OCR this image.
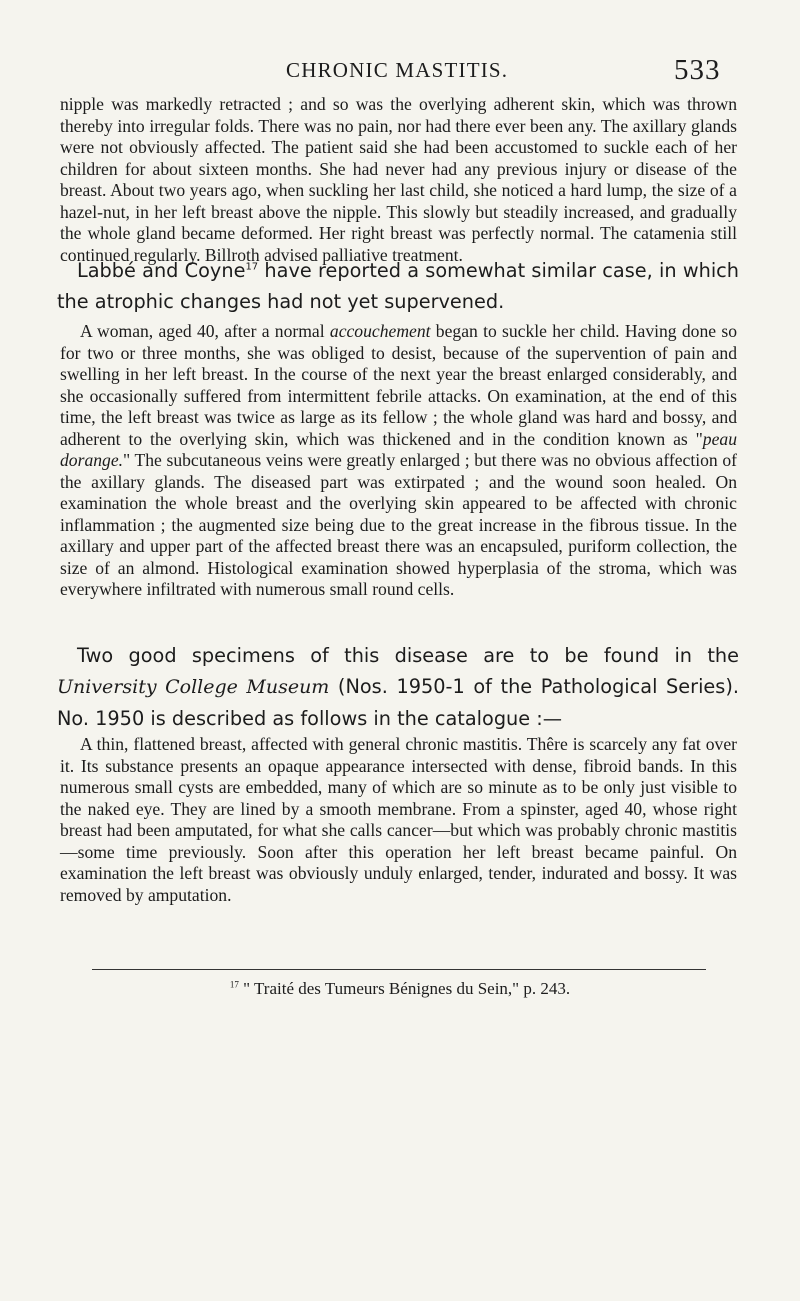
CHRONIC MASTITIS.	533

nipple was markedly retracted ; and so was the overlying adherent skin, which was thrown thereby into irregular folds. There was no pain, nor had there ever been any. The axillary glands were not obviously affected. The patient said she had been accustomed to suckle each of her children for about sixteen months. She had never had any previous injury or disease of the breast. About two years ago, when suckling her last child, she noticed a hard lump, the size of a hazel-nut, in her left breast above the nipple. This slowly but steadily increased, and gradually the whole gland became deformed. Her right breast was perfectly normal. The catamenia still continued regularly. Billroth advised palliative treatment.

Labbé and Coyne$^{17}$ have reported a somewhat similar case, in which the atrophic changes had not yet supervened.

A woman, aged 40, after a normal accouchement began to suckle her child. Having done so for two or three months, she was obliged to desist, because of the supervention of pain and swelling in her left breast. In the course of the next year the breast enlarged considerably, and she occasionally suffered from intermittent febrile attacks. On examination, at the end of this time, the left breast was twice as large as its fellow ; the whole gland was hard and bossy, and adherent to the overlying skin, which was thickened and in the condition known as "peau dorange." The subcutaneous veins were greatly enlarged ; but there was no obvious affection of the axillary glands. The diseased part was extirpated ; and the wound soon healed. On examination the whole breast and the overlying skin appeared to be affected with chronic inflammation ; the augmented size being due to the great increase in the fibrous tissue. In the axillary and upper part of the affected breast there was an encapsuled, puriform collection, the size of an almond. Histological examination showed hyperplasia of the stroma, which was everywhere infiltrated with numerous small round cells.

Two good specimens of this disease are to be found in the University College Museum (Nos. 1950-1 of the Pathological Series). No. 1950 is described as follows in the catalogue :—

A thin, flattened breast, affected with general chronic mastitis. Thêre is scarcely any fat over it. Its substance presents an opaque appearance intersected with dense, fibroid bands. In this numerous small cysts are embedded, many of which are so minute as to be only just visible to the naked eye. They are lined by a smooth membrane. From a spinster, aged 40, whose right breast had been amputated, for what she calls cancer—but which was probably chronic mastitis—some time previously. Soon after this operation her left breast became painful. On examination the left breast was obviously unduly enlarged, tender, indurated and bossy. It was removed by amputation.

$^{17}$ " Traité des Tumeurs Bénignes du Sein," p. 243.
